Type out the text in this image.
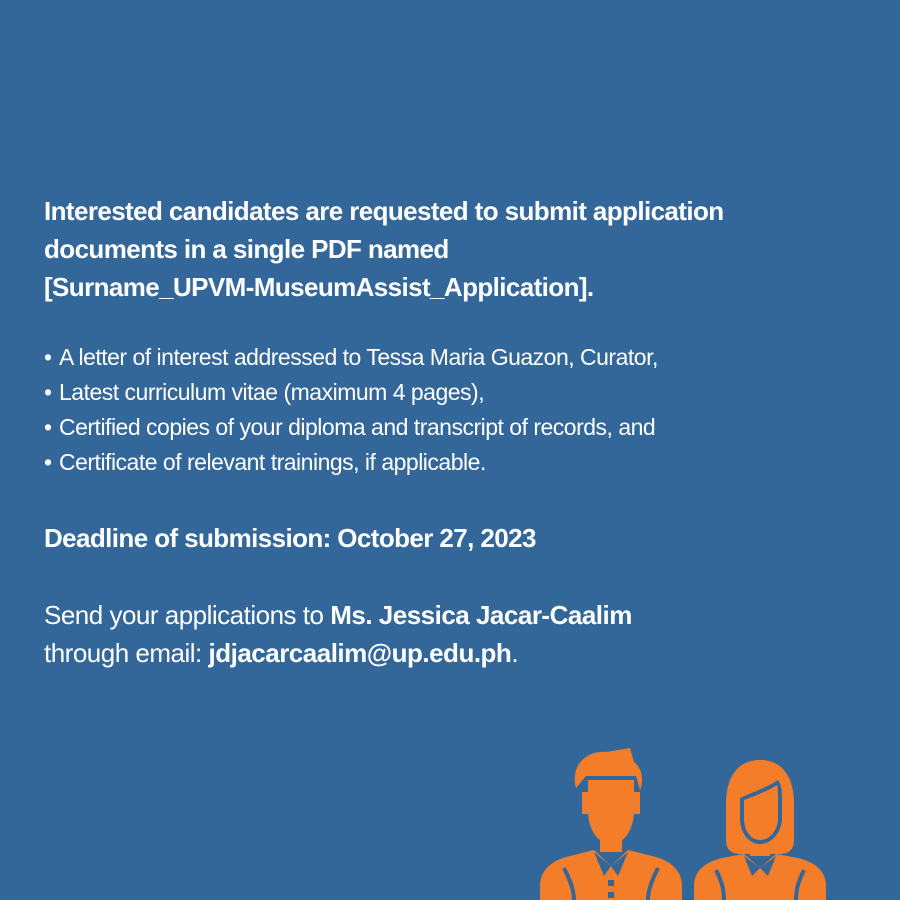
Interested candidates are requested to submit application
documents in a single PDF named
[Surname_UPVM-MuseumAssist_Application].

• A letter of interest addressed to Tessa Maria Guazon, Curator,
• Latest curriculum vitae (maximum 4 pages),
• Certified copies of your diploma and transcript of records, and
• Certificate of relevant trainings, if applicable.

Deadline of submission: October 27, 2023

Send your applications to Ms. Jessica Jacar-Caalim
through email: jdjacarcaalim@up.edu.ph.
